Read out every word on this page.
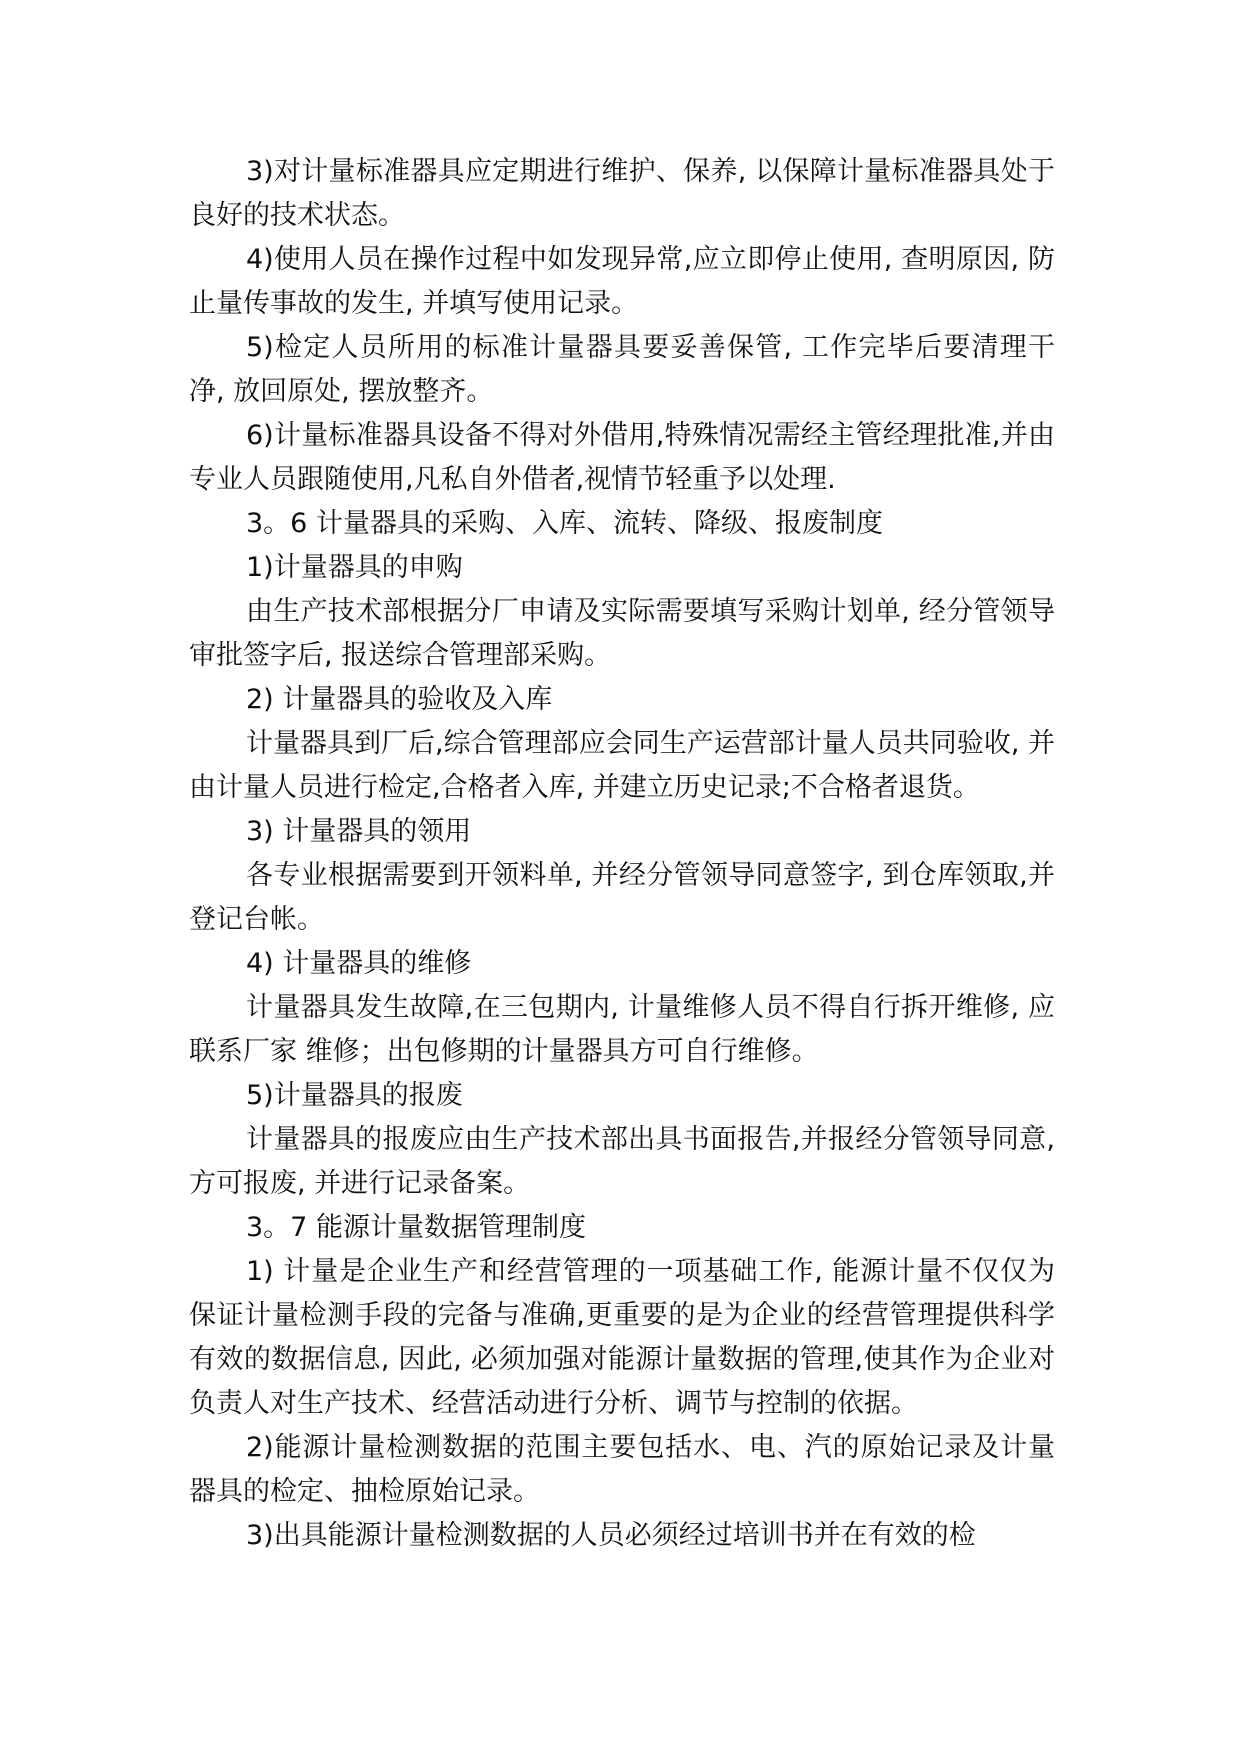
3)对计量标准器具应定期进行维护、保养, 以保障计量标准器具处于良好的技术状态。

4)使用人员在操作过程中如发现异常,应立即停止使用, 查明原因, 防止量传事故的发生, 并填写使用记录。

5)检定人员所用的标准计量器具要妥善保管, 工作完毕后要清理干净, 放回原处, 摆放整齐。

6)计量标准器具设备不得对外借用,特殊情况需经主管经理批准,并由专业人员跟随使用,凡私自外借者,视情节轻重予以处理.

3。6 计量器具的采购、入库、流转、降级、报废制度

1)计量器具的申购

由生产技术部根据分厂申请及实际需要填写采购计划单, 经分管领导审批签字后, 报送综合管理部采购。

2) 计量器具的验收及入库

计量器具到厂后,综合管理部应会同生产运营部计量人员共同验收, 并由计量人员进行检定,合格者入库, 并建立历史记录;不合格者退货。

3) 计量器具的领用

各专业根据需要到开领料单, 并经分管领导同意签字, 到仓库领取,并登记台帐。

4) 计量器具的维修

计量器具发生故障,在三包期内, 计量维修人员不得自行拆开维修, 应联系厂家 维修；出包修期的计量器具方可自行维修。

5)计量器具的报废

计量器具的报废应由生产技术部出具书面报告,并报经分管领导同意, 方可报废, 并进行记录备案。

3。7 能源计量数据管理制度

1) 计量是企业生产和经营管理的一项基础工作, 能源计量不仅仅为保证计量检测手段的完备与准确,更重要的是为企业的经营管理提供科学有效的数据信息, 因此, 必须加强对能源计量数据的管理,使其作为企业对负责人对生产技术、经营活动进行分析、调节与控制的依据。

2)能源计量检测数据的范围主要包括水、电、汽的原始记录及计量器具的检定、抽检原始记录。

3)出具能源计量检测数据的人员必须经过培训书并在有效的检
